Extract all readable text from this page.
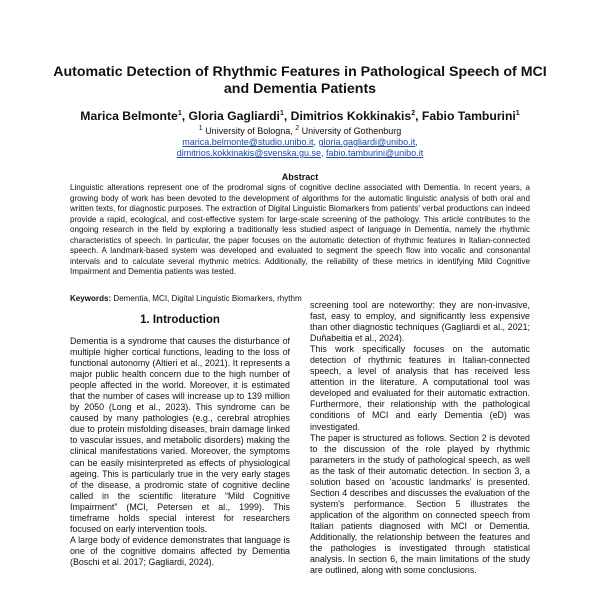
Automatic Detection of Rhythmic Features in Pathological Speech of MCI
and Dementia Patients
Marica Belmonte$^1$, Gloria Gagliardi$^1$, Dimitrios Kokkinakis$^2$, Fabio Tamburini$^1$
$^1$ University of Bologna, $^2$ University of Gothenburg
marica.belmonte@studio.unibo.it, gloria.gagliardi@unibo.it,
dimitrios.kokkinakis@svenska.gu.se, fabio.tamburini@unibo.it
Abstract
Linguistic alterations represent one of the prodromal signs of cognitive decline associated with Dementia. In recent years, a growing body of work has been devoted to the development of algorithms for the automatic linguistic analysis of both oral and written texts, for diagnostic purposes. The extraction of Digital Linguistic Biomarkers from patients' verbal productions can indeed provide a rapid, ecological, and cost-effective system for large-scale screening of the pathology. This article contributes to the ongoing research in the field by exploring a traditionally less studied aspect of language in Dementia, namely the rhythmic characteristics of speech. In particular, the paper focuses on the automatic detection of rhythmic features in Italian-connected speech. A landmark-based system was developed and evaluated to segment the speech flow into vocalic and consonantal intervals and to calculate several rhythmic metrics. Additionally, the reliability of these metrics in identifying Mild Cognitive Impairment and Dementia patients was tested.
Keywords: Dementia, MCI, Digital Linguistic Biomarkers, rhythm
1. Introduction

Dementia is a syndrome that causes the disturbance of multiple higher cortical functions, leading to the loss of functional autonomy (Altieri et al., 2021). It represents a major public health concern due to the high number of people affected in the world. Moreover, it is estimated that the number of cases will increase up to 139 million by 2050 (Long et al., 2023). This syndrome can be caused by many pathologies (e.g., cerebral atrophies due to protein misfolding diseases, brain damage linked to vascular issues, and metabolic disorders) making the clinical manifestations varied. Moreover, the symptoms can be easily misinterpreted as effects of physiological ageing. This is particularly true in the very early stages of the disease, a prodromic state of cognitive decline called in the scientific literature “Mild Cognitive Impairment” (MCI, Petersen et al., 1999). This timeframe holds special interest for researchers focused on early intervention tools.

A large body of evidence demonstrates that language is one of the cognitive domains affected by Dementia (Boschi et al. 2017; Gagliardi, 2024).

screening tool are noteworthy: they are non-invasive, fast, easy to employ, and significantly less expensive than other diagnostic techniques (Gagliardi et al., 2021; Duñabeitia et al., 2024).

This work specifically focuses on the automatic detection of rhythmic features in Italian-connected speech, a level of analysis that has received less attention in the literature. A computational tool was developed and evaluated for their automatic extraction. Furthermore, their relationship with the pathological conditions of MCI and early Dementia (eD) was investigated.

The paper is structured as follows. Section 2 is devoted to the discussion of the role played by rhythmic parameters in the study of pathological speech, as well as the task of their automatic detection. In section 3, a solution based on 'acoustic landmarks' is presented. Section 4 describes and discusses the evaluation of the system's performance. Section 5 illustrates the application of the algorithm on connected speech from Italian patients diagnosed with MCI or Dementia. Additionally, the relationship between the features and the pathologies is investigated through statistical analysis. In section 6, the main limitations of the study are outlined, along with some conclusions.
